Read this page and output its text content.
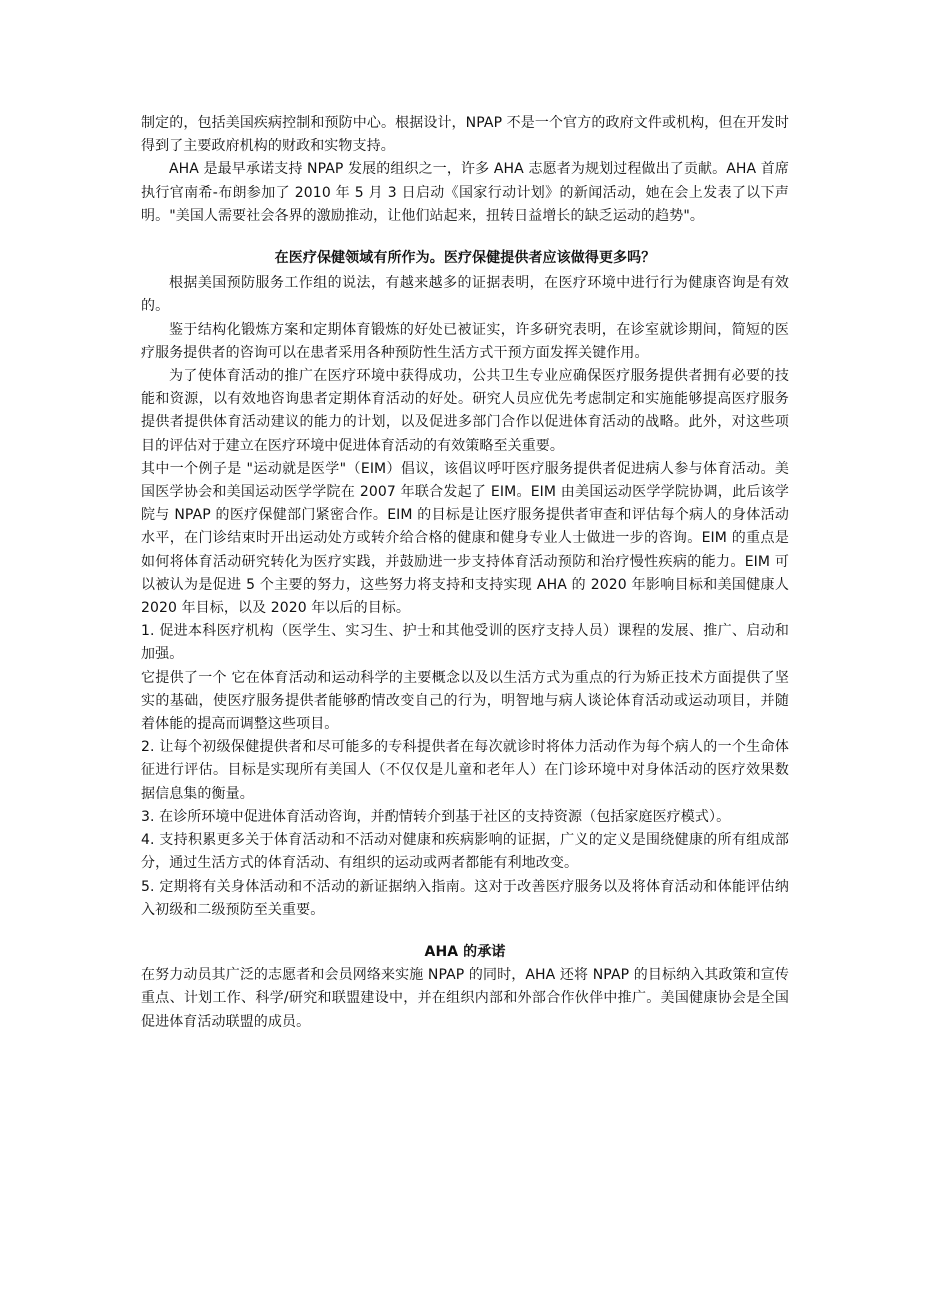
制定的，包括美国疾病控制和预防中心。根据设计，NPAP 不是一个官方的政府文件或机构，但在开发时得到了主要政府机构的财政和实物支持。

AHA 是最早承诺支持 NPAP 发展的组织之一，许多 AHA 志愿者为规划过程做出了贡献。AHA 首席执行官南希-布朗参加了 2010 年 5 月 3 日启动《国家行动计划》的新闻活动，她在会上发表了以下声明。"美国人需要社会各界的激励推动，让他们站起来，扭转日益增长的缺乏运动的趋势"。

在医疗保健领域有所作为。医疗保健提供者应该做得更多吗？

根据美国预防服务工作组的说法，有越来越多的证据表明，在医疗环境中进行行为健康咨询是有效的。

鉴于结构化锻炼方案和定期体育锻炼的好处已被证实，许多研究表明，在诊室就诊期间，简短的医疗服务提供者的咨询可以在患者采用各种预防性生活方式干预方面发挥关键作用。

为了使体育活动的推广在医疗环境中获得成功，公共卫生专业应确保医疗服务提供者拥有必要的技能和资源，以有效地咨询患者定期体育活动的好处。研究人员应优先考虑制定和实施能够提高医疗服务提供者提供体育活动建议的能力的计划，以及促进多部门合作以促进体育活动的战略。此外，对这些项目的评估对于建立在医疗环境中促进体育活动的有效策略至关重要。

其中一个例子是 "运动就是医学"（EIM）倡议，该倡议呼吁医疗服务提供者促进病人参与体育活动。美国医学协会和美国运动医学学院在 2007 年联合发起了 EIM。EIM 由美国运动医学学院协调，此后该学院与 NPAP 的医疗保健部门紧密合作。EIM 的目标是让医疗服务提供者审查和评估每个病人的身体活动水平，在门诊结束时开出运动处方或转介给合格的健康和健身专业人士做进一步的咨询。EIM 的重点是如何将体育活动研究转化为医疗实践，并鼓励进一步支持体育活动预防和治疗慢性疾病的能力。EIM 可以被认为是促进 5 个主要的努力，这些努力将支持和支持实现 AHA 的 2020 年影响目标和美国健康人 2020 年目标，以及 2020 年以后的目标。

1. 促进本科医疗机构（医学生、实习生、护士和其他受训的医疗支持人员）课程的发展、推广、启动和加强。

它提供了一个 它在体育活动和运动科学的主要概念以及以生活方式为重点的行为矫正技术方面提供了坚实的基础，使医疗服务提供者能够酌情改变自己的行为，明智地与病人谈论体育活动或运动项目，并随着体能的提高而调整这些项目。

2. 让每个初级保健提供者和尽可能多的专科提供者在每次就诊时将体力活动作为每个病人的一个生命体征进行评估。目标是实现所有美国人（不仅仅是儿童和老年人）在门诊环境中对身体活动的医疗效果数据信息集的衡量。

3. 在诊所环境中促进体育活动咨询，并酌情转介到基于社区的支持资源（包括家庭医疗模式）。

4. 支持积累更多关于体育活动和不活动对健康和疾病影响的证据，广义的定义是围绕健康的所有组成部分，通过生活方式的体育活动、有组织的运动或两者都能有利地改变。

5. 定期将有关身体活动和不活动的新证据纳入指南。这对于改善医疗服务以及将体育活动和体能评估纳入初级和二级预防至关重要。

AHA 的承诺

在努力动员其广泛的志愿者和会员网络来实施 NPAP 的同时，AHA 还将 NPAP 的目标纳入其政策和宣传重点、计划工作、科学/研究和联盟建设中，并在组织内部和外部合作伙伴中推广。美国健康协会是全国促进体育活动联盟的成员。
